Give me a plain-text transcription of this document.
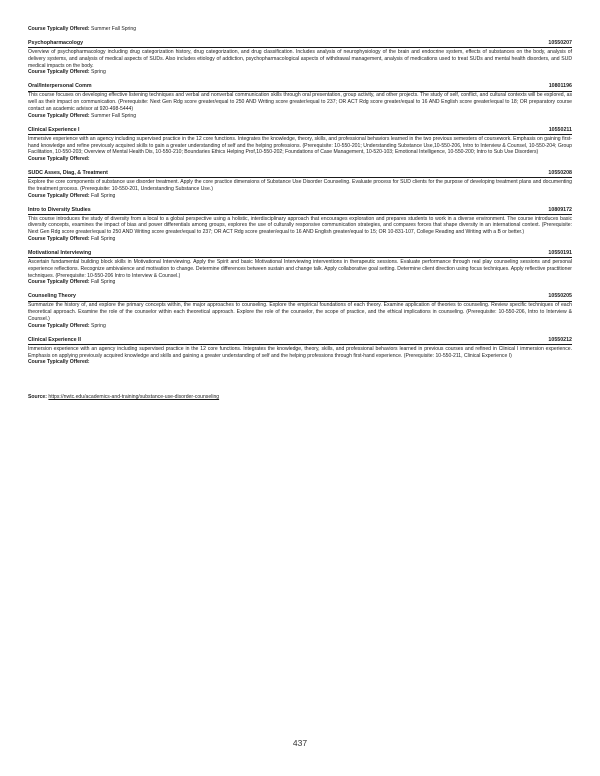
Course Typically Offered: Summer Fall Spring
Psychopharmacology	10550207
Overview of psychopharmacology including drug categorization history, drug categorization, and drug classification. Includes analysis of neurophysiology of the brain and endocrine system, effects of substances on the body, analysis of delivery systems, and analysis of medical aspects of SUDs. Also includes etiology of addiction, psychopharmacological aspects of withdrawal management, analysis of medications used to treat SUDs and mental health disorders, and SUD medical impacts on the body.
Course Typically Offered: Spring
Oral/Interpersonal Comm	10801196
This course focuses on developing effective listening techniques and verbal and nonverbal communication skills through oral presentation, group activity, and other projects. The study of self, conflict, and cultural contexts will be explored, as well as their impact on communication. (Prerequisite: Next Gen Rdg score greater/equal to 250 AND Writing score greater/equal to 237; OR ACT Rdg score greater/equal to 16 AND English score greater/equal to 18; OR preparatory course contact an academic advisor at 920-498-5444)
Course Typically Offered: Summer Fall Spring
Clinical Experience I	10550211
Immersive experience with an agency including supervised practice in the 12 core functions. Integrates the knowledge, theory, skills, and professional behaviors learned in the two previous semesters of coursework. Emphasis on gaining first-hand knowledge and refine previously acquired skills to gain a greater understanding of self and the helping professions. (Prerequisite: 10-550-201; Understanding Substance Use,10-550-206, Intro to Interview & Counsel, 10-550-204; Group Facilitation, 10-550-203; Overview of Mental Health Dis, 10-550-210; Boundaries Ethics Helping Prof,10-550-202; Foundations of Case Management, 10-520-103; Emotional Intelligence, 10-550-200; Intro to Sub Use Disorders)
Course Typically Offered:
SUDC Asses, Diag, & Treatment	10550208
Explore the core components of substance use disorder treatment. Apply the core practice dimensions of Substance Use Disorder Counseling. Evaluate process for SUD clients for the purpose of developing treatment plans and documenting the treatment process. (Prerequisite: 10-550-201, Understanding Substance Use.)
Course Typically Offered: Fall Spring
Intro to Diversity Studies	10809172
This course introduces the study of diversity from a local to a global perspective using a holistic, interdisciplinary approach that encourages exploration and prepares students to work in a diverse environment. The course introduces basic diversity concepts, examines the impact of bias and power differentials among groups, explores the use of culturally responsive communication strategies, and compares forces that shape diversity in an international context. (Prerequisite: Next Gen Rdg score greater/equal to 250 AND Writing score greater/equal to 237; OR ACT Rdg score greater/equal to 16 AND English greater/equal to 15; OR 10-831-107, College Reading and Writing with a B or better.)
Course Typically Offered: Fall Spring
Motivational Interviewing	10550191
Ascertain fundamental building block skills in Motivational Interviewing. Apply the Spirit and basic Motivational Interviewing interventions in therapeutic sessions. Evaluate performance through real play counseling sessions and personal experience reflections. Recognize ambivalence and motivation to change. Determine differences between sustain and change talk. Apply collaborative goal setting. Determine client direction using focus techniques. Apply reflective practitioner techniques. (Prerequisite: 10-550-206 Intro to Interview & Counsel.)
Course Typically Offered: Fall Spring
Counseling Theory	10550205
Summarize the history of, and explore the primary concepts within, the major approaches to counseling. Explore the empirical foundations of each theory. Examine application of theories to counseling. Review specific techniques of each theoretical approach. Examine the role of the counselor within each theoretical approach. Explore the role of the counselor, the scope of practice, and the ethical implications in counseling. (Prerequisite: 10-550-206, Intro to Interview & Counsel.)
Course Typically Offered: Spring
Clinical Experience II	10550212
Immersion experience with an agency including supervised practice in the 12 core functions. Integrates the knowledge, theory, skills, and professional behaviors learned in previous courses and refined in Clinical I immersion experience. Emphasis on applying previously acquired knowledge and skills and gaining a greater understanding of self and the helping professions through first-hand experience. (Prerequisite: 10-550-211, Clinical Experience I)
Course Typically Offered:
Source: https://nwtc.edu/academics-and-training/substance-use-disorder-counseling
437
